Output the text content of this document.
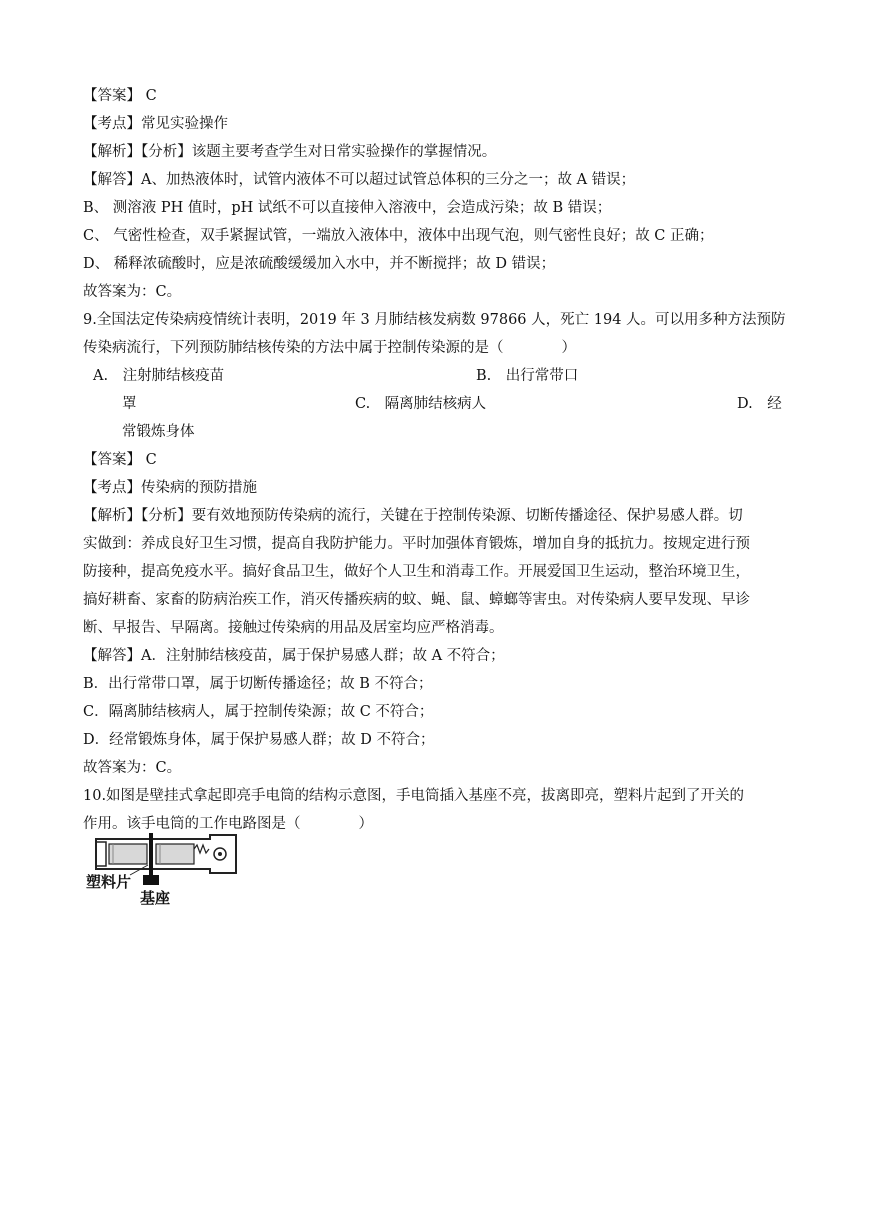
【答案】 C
【考点】常见实验操作
【解析】【分析】该题主要考查学生对日常实验操作的掌握情况。
【解答】A、加热液体时，试管内液体不可以超过试管总体积的三分之一；故 A 错误；
B、 测溶液 PH 值时，pH 试纸不可以直接伸入溶液中，会造成污染；故 B 错误；
C、 气密性检查，双手紧握试管，一端放入液体中，液体中出现气泡，则气密性良好；故 C 正确；
D、 稀释浓硫酸时，应是浓硫酸缓缓加入水中，并不断搅拌；故 D 错误；
故答案为：C。
9.全国法定传染病疫情统计表明，2019 年 3 月肺结核发病数 97866 人，死亡 194 人。可以用多种方法预防
传染病流行，下列预防肺结核传染的方法中属于控制传染源的是（　　　　）
A.　注射肺结核疫苗	B.　出行常带口
罩	C.　隔离肺结核病人	D.　经
常锻炼身体
【答案】 C
【考点】传染病的预防措施
【解析】【分析】要有效地预防传染病的流行，关键在于控制传染源、切断传播途径、保护易感人群。切
实做到：养成良好卫生习惯，提高自我防护能力。平时加强体育锻炼，增加自身的抵抗力。按规定进行预
防接种，提高免疫水平。搞好食品卫生，做好个人卫生和消毒工作。开展爱国卫生运动，整治环境卫生，
搞好耕畜、家畜的防病治疾工作，消灭传播疾病的蚊、蝇、鼠、蟑螂等害虫。对传染病人要早发现、早诊
断、早报告、早隔离。接触过传染病的用品及居室均应严格消毒。
【解答】A．注射肺结核疫苗，属于保护易感人群；故 A 不符合；
B．出行常带口罩，属于切断传播途径；故 B 不符合；
C．隔离肺结核病人，属于控制传染源；故 C 不符合；
D．经常锻炼身体，属于保护易感人群；故 D 不符合；
故答案为：C。
10.如图是壁挂式拿起即亮手电筒的结构示意图，手电筒插入基座不亮，拔离即亮，塑料片起到了开关的
作用。该手电筒的工作电路图是（　　　　）
塑料片
基座
